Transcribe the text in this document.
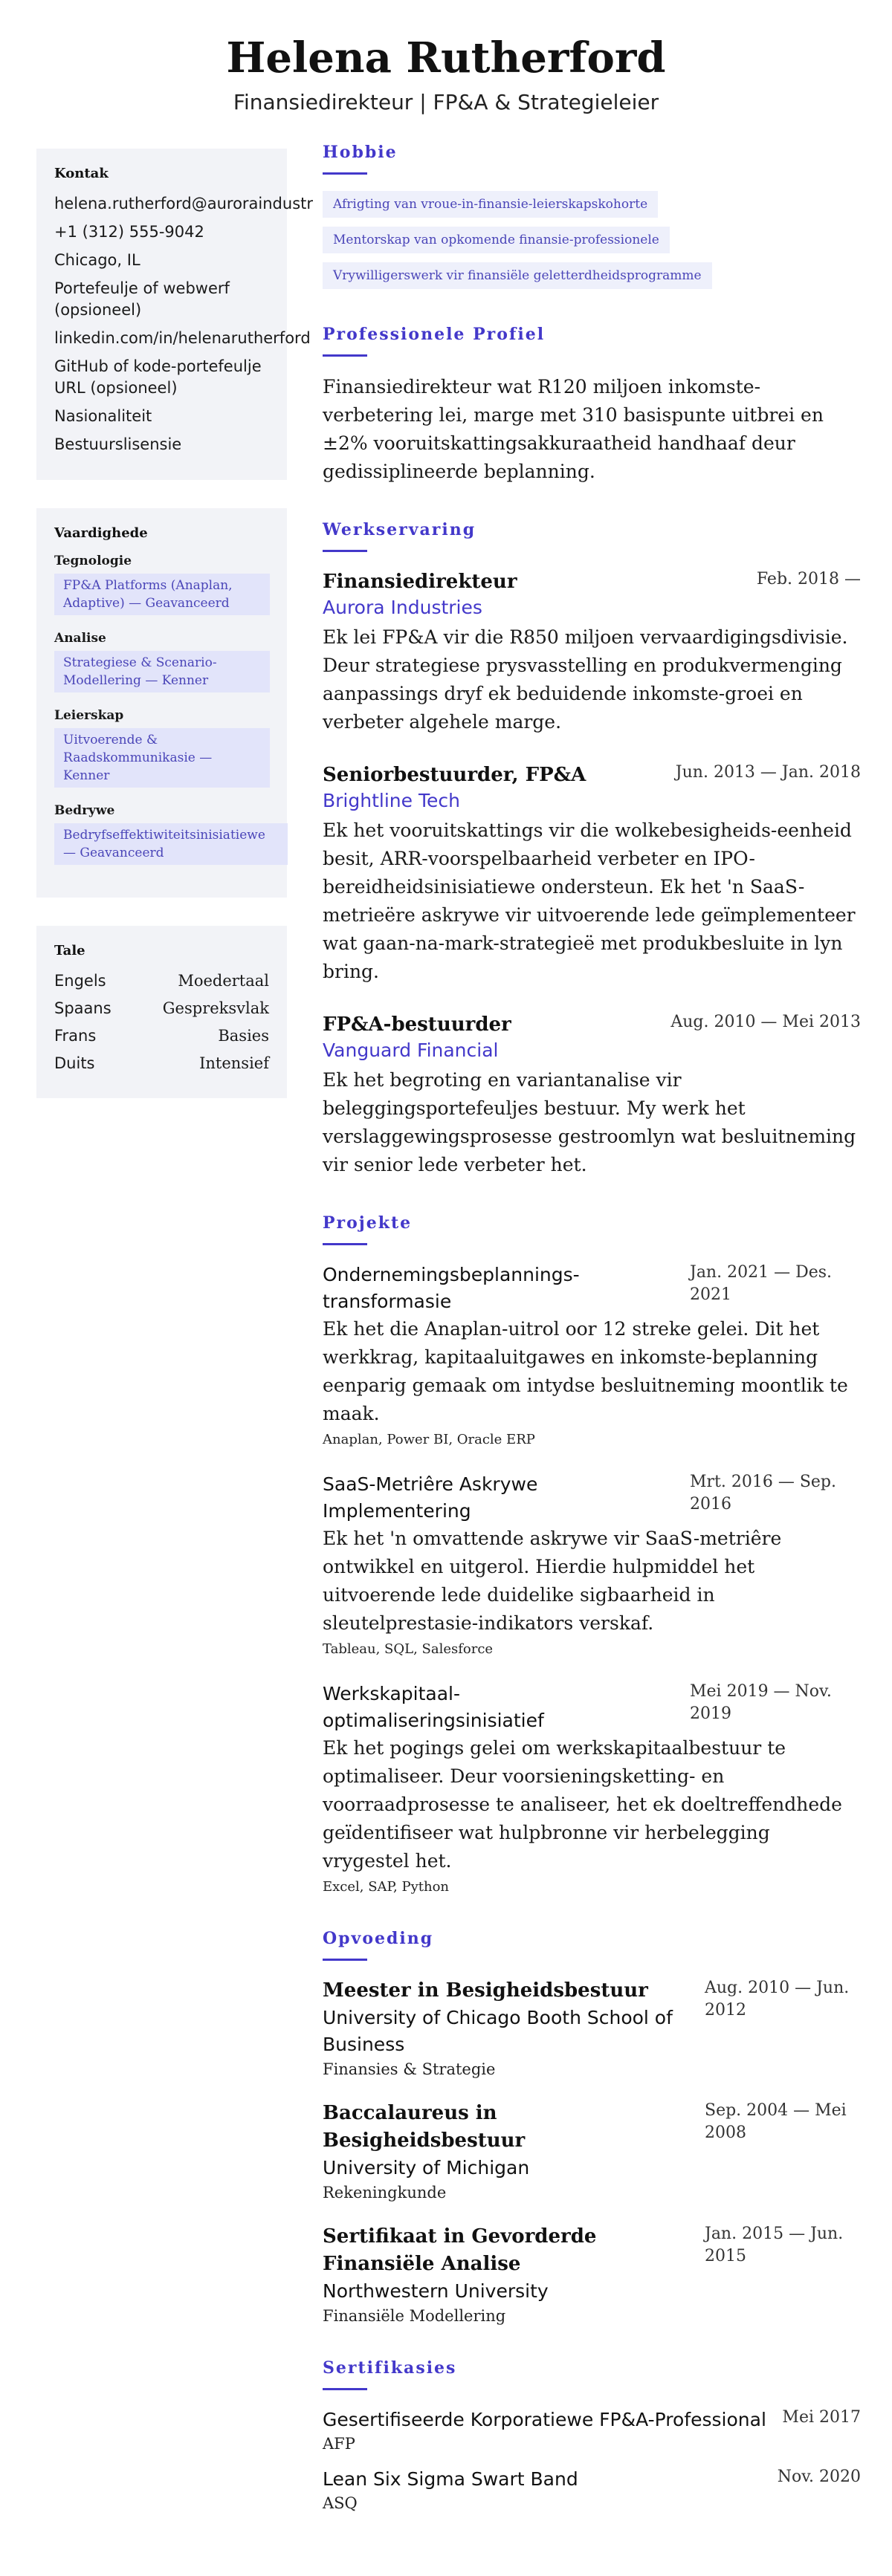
Helena Rutherford
Finansiedirekteur | FP&A & Strategieleier
Kontak
helena.rutherford@auroraindustr
+1 (312) 555-9042
Chicago, IL
Portefeulje of webwerf (opsioneel)
linkedin.com/in/helenarutherford
GitHub of kode-portefeulje URL (opsioneel)
Nasionaliteit
Bestuurslisensie
Vaardighede
Tegnologie
FP&A Platforms (Anaplan, Adaptive) — Geavanceerd
Analise
Strategiese & Scenario-Modellering — Kenner
Leierskap
Uitvoerende & Raadskommunikasie — Kenner
Bedrywe
Bedryfseffektiwiteitsinisiatiewe — Geavanceerd
Tale
Engels	Moedertaal
Spaans	Gespreksvlak
Frans	Basies
Duits	Intensief
Hobbie
Afrigting van vroue-in-finansie-leierskapskohorte
Mentorskap van opkomende finansie-professionele
Vrywilligerswerk vir finansiële geletterdheidsprogramme
Professionele Profiel
Finansiedirekteur wat R120 miljoen inkomste-verbetering lei, marge met 310 basispunte uitbrei en ±2% vooruitskattingsakkuraatheid handhaaf deur gedissiplineerde beplanning.
Werkservaring
Finansiedirekteur	Feb. 2018 —
Aurora Industries
Ek lei FP&A vir die R850 miljoen vervaardigingsdivisie. Deur strategiese prysvasstelling en produkvermenging aanpassings dryf ek beduidende inkomste-groei en verbeter algehele marge.
Seniorbestuurder, FP&A	Jun. 2013 — Jan. 2018
Brightline Tech
Ek het vooruitskattings vir die wolkebesigheids-eenheid besit, ARR-voorspelbaarheid verbeter en IPO-bereidheidsinisiatiewe ondersteun. Ek het 'n SaaS-metrieëre askrywe vir uitvoerende lede geïmplementeer wat gaan-na-mark-strategieë met produkbesluite in lyn bring.
FP&A-bestuurder	Aug. 2010 — Mei 2013
Vanguard Financial
Ek het begroting en variantanalise vir beleggingsportefeuljes bestuur. My werk het verslaggewingsprosesse gestroomlyn wat besluitneming vir senior lede verbeter het.
Projekte
Ondernemingsbeplannings-transformasie
Jan. 2021 — Des. 2021
Ek het die Anaplan-uitrol oor 12 streke gelei. Dit het werkkrag, kapitaaluitgawes en inkomste-beplanning eenparig gemaak om intydse besluitneming moontlik te maak.
Anaplan, Power BI, Oracle ERP
SaaS-Metriêre Askrywe Implementering
Mrt. 2016 — Sep. 2016
Ek het 'n omvattende askrywe vir SaaS-metriêre ontwikkel en uitgerol. Hierdie hulpmiddel het uitvoerende lede duidelike sigbaarheid in sleutelprestasie-indikators verskaf.
Tableau, SQL, Salesforce
Werkskapitaal-optimaliseringsinisiatief
Mei 2019 — Nov. 2019
Ek het pogings gelei om werkskapitaalbestuur te optimaliseer. Deur voorsieningsketting- en voorraadprosesse te analiseer, het ek doeltreffendhede geïdentifiseer wat hulpbronne vir herbelegging vrygestel het.
Excel, SAP, Python
Opvoeding
Meester in Besigheidsbestuur
University of Chicago Booth School of Business
Finansies & Strategie
Aug. 2010 — Jun. 2012
Baccalaureus in Besigheidsbestuur
University of Michigan
Rekeningkunde
Sep. 2004 — Mei 2008
Sertifikaat in Gevorderde Finansiële Analise
Northwestern University
Finansiële Modellering
Jan. 2015 — Jun. 2015
Sertifikasies
Gesertifiseerde Korporatiewe FP&A-Professional Mei 2017
AFP
Lean Six Sigma Swart Band	Nov. 2020
ASQ
